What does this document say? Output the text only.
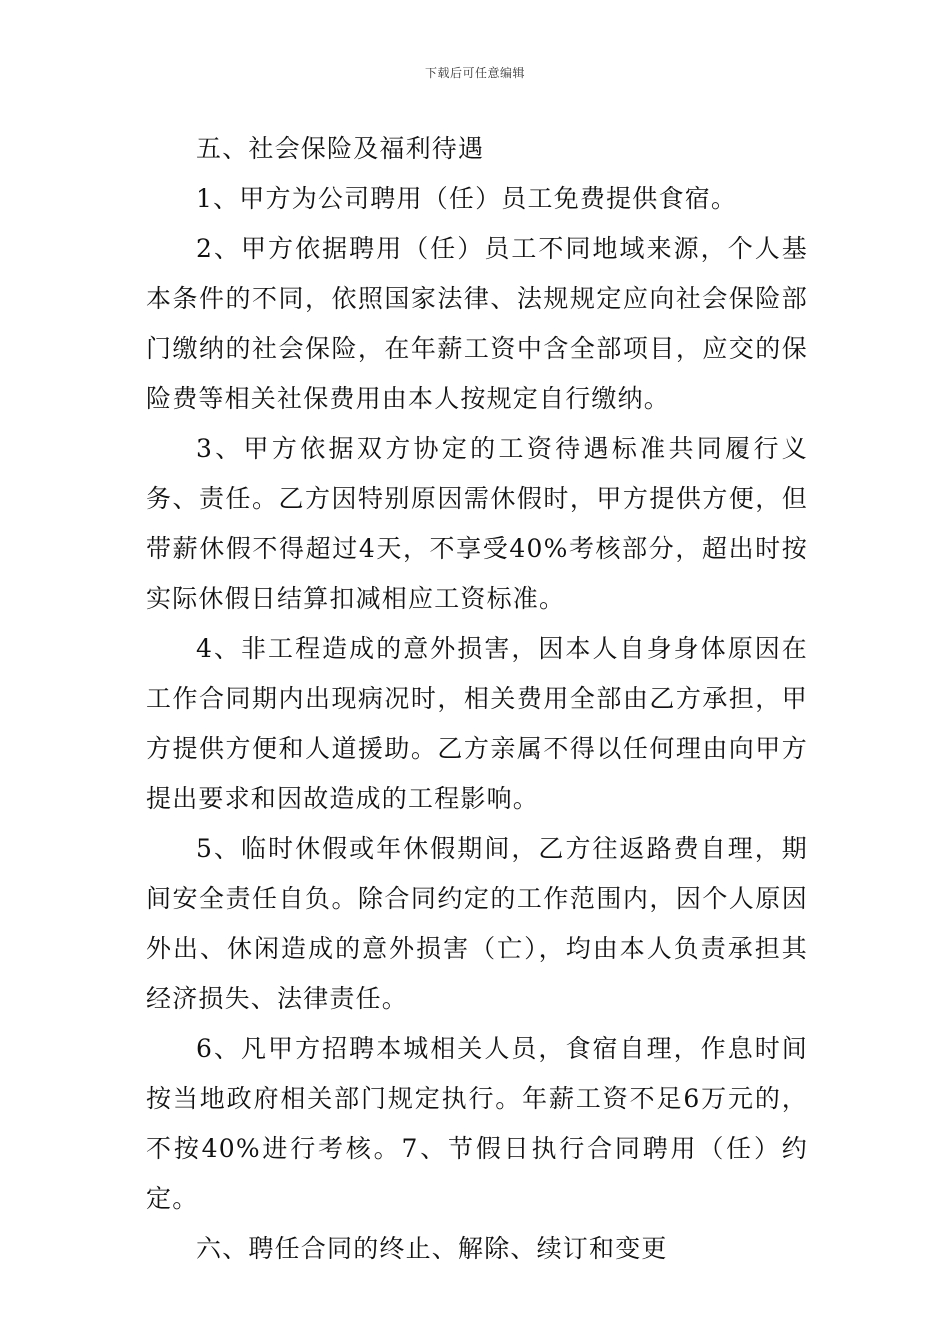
下载后可任意编辑

五、社会保险及福利待遇

1、甲方为公司聘用（任）员工免费提供食宿。

2、甲方依据聘用（任）员工不同地域来源，个人基本条件的不同，依照国家法律、法规规定应向社会保险部门缴纳的社会保险，在年薪工资中含全部项目，应交的保险费等相关社保费用由本人按规定自行缴纳。

3、甲方依据双方协定的工资待遇标准共同履行义务、责任。乙方因特别原因需休假时，甲方提供方便，但带薪休假不得超过4天，不享受40%考核部分，超出时按实际休假日结算扣减相应工资标准。

4、非工程造成的意外损害，因本人自身身体原因在工作合同期内出现病况时，相关费用全部由乙方承担，甲方提供方便和人道援助。乙方亲属不得以任何理由向甲方提出要求和因故造成的工程影响。

5、临时休假或年休假期间，乙方往返路费自理，期间安全责任自负。除合同约定的工作范围内，因个人原因外出、休闲造成的意外损害（亡），均由本人负责承担其经济损失、法律责任。

6、凡甲方招聘本城相关人员，食宿自理，作息时间按当地政府相关部门规定执行。年薪工资不足6万元的，不按40%进行考核。7、节假日执行合同聘用（任）约定。

六、聘任合同的终止、解除、续订和变更
